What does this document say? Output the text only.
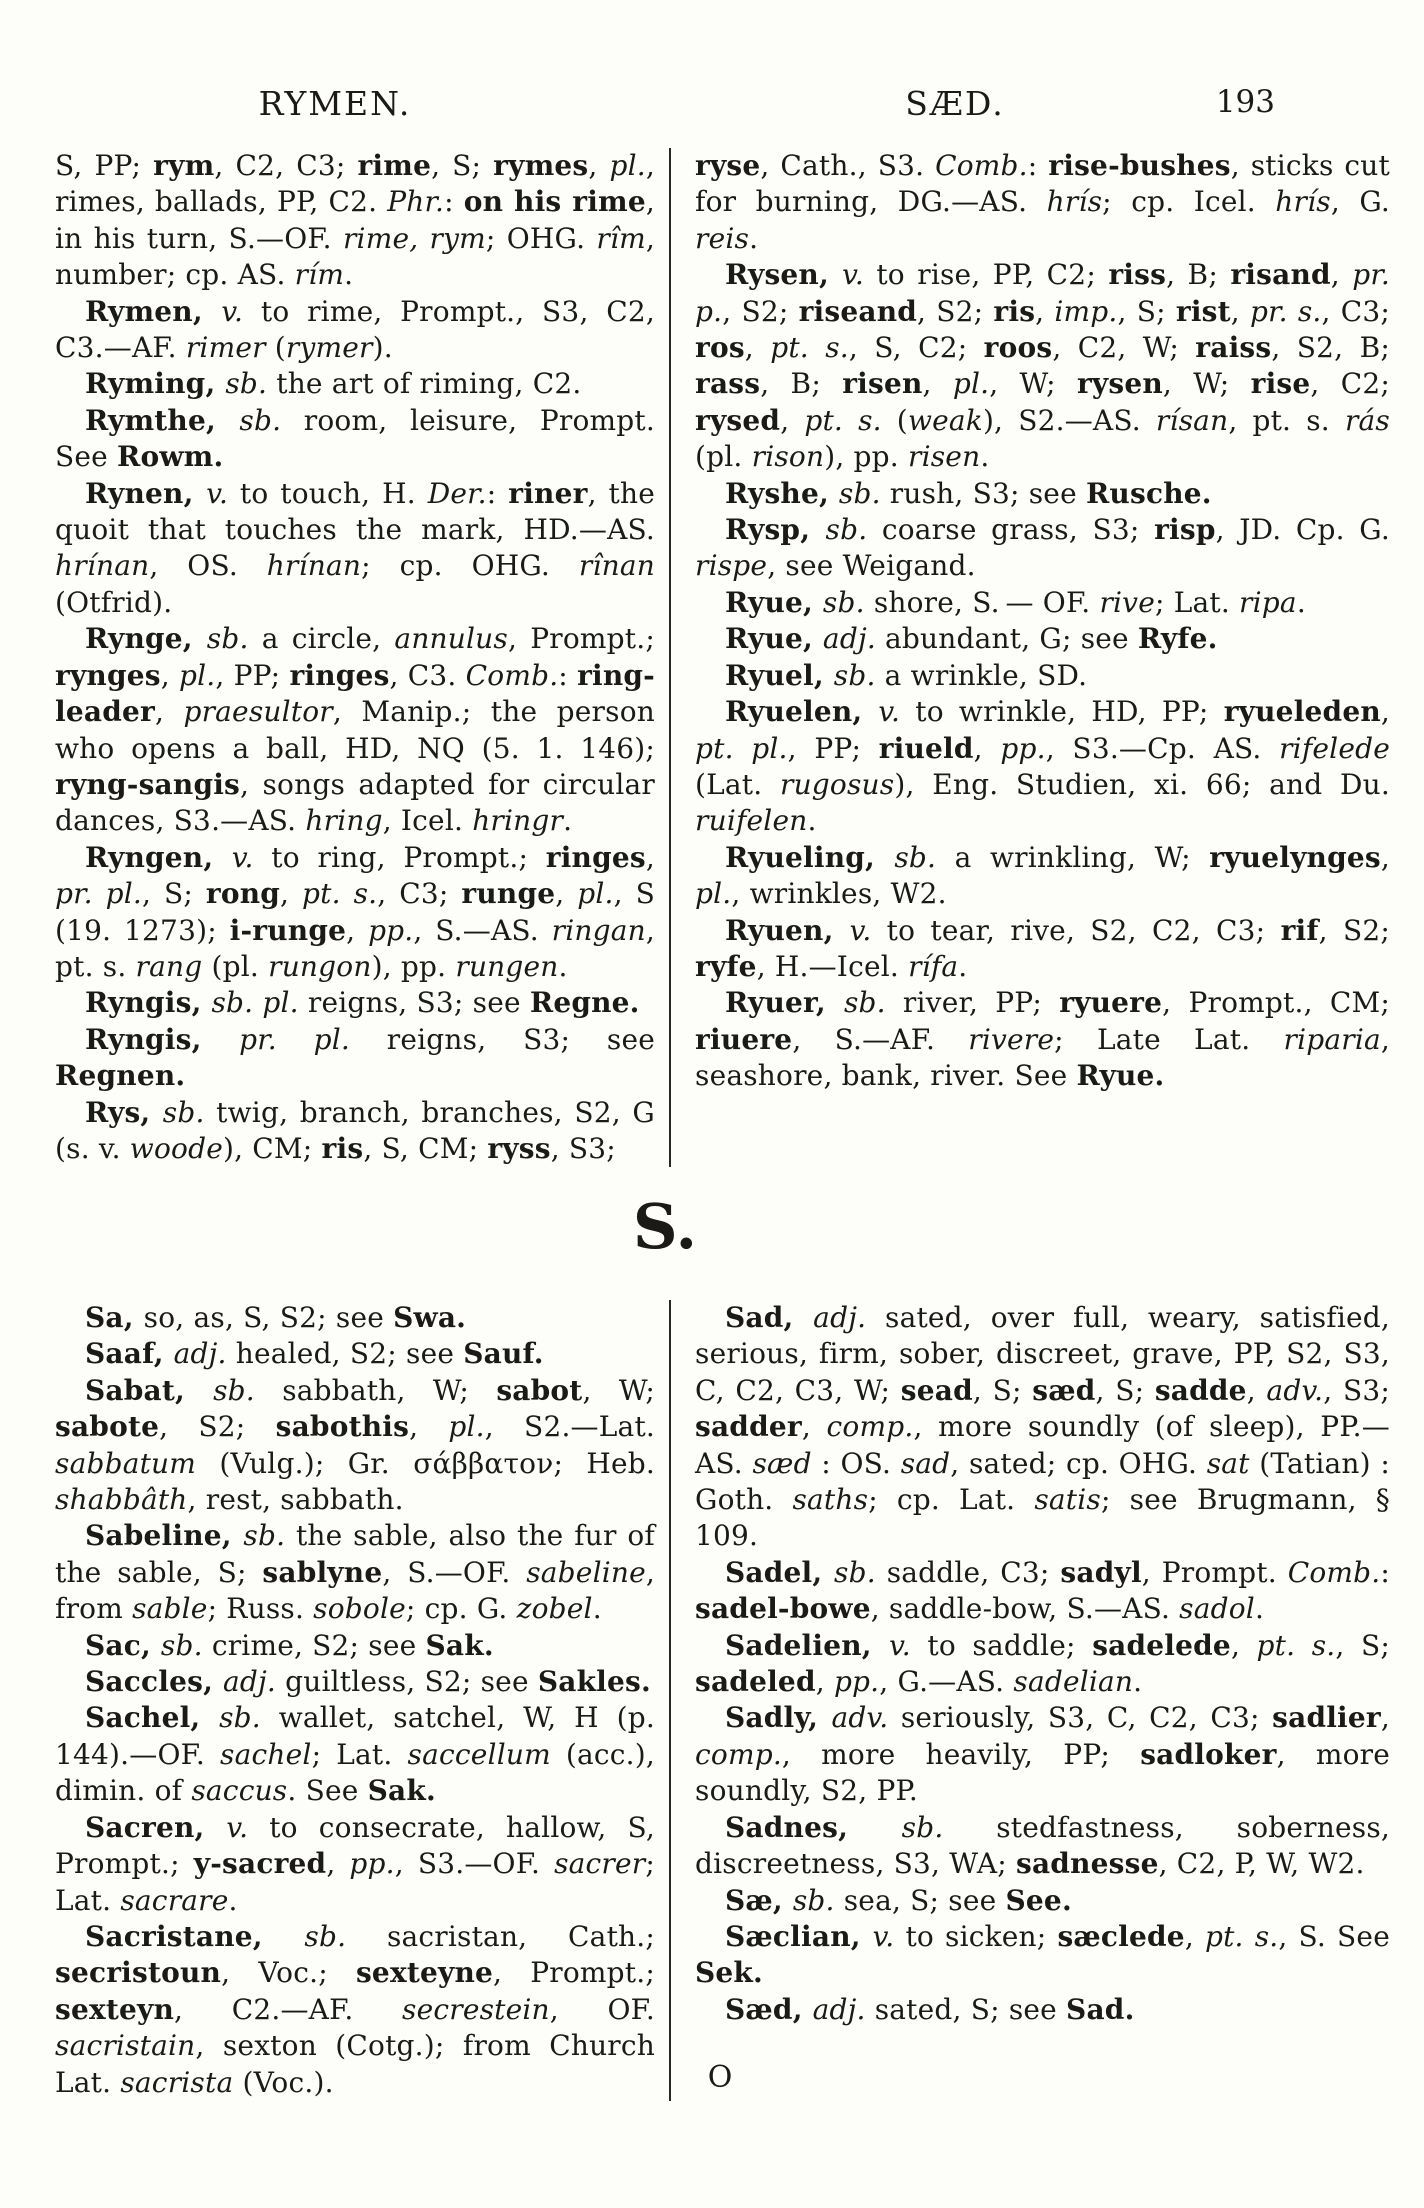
RYMEN.	SÆD.	193

S, PP; rym, C2, C3; rime, S; rymes, pl., rimes, ballads, PP, C2. Phr.: on his rime, in his turn, S.—OF. rime, rym; OHG. rîm, number; cp. AS. rím.

Rymen, v. to rime, Prompt., S3, C2, C3.—AF. rimer (rymer).

Ryming, sb. the art of riming, C2.

Rymthe, sb. room, leisure, Prompt. See Rowm.

Rynen, v. to touch, H. Der.: riner, the quoit that touches the mark, HD.—AS. hrínan, OS. hrínan; cp. OHG. rînan (Otfrid).

Rynge, sb. a circle, annulus, Prompt.; rynges, pl., PP; ringes, C3. Comb.: ring-leader, praesultor, Manip.; the person who opens a ball, HD, NQ (5. 1. 146); ryng-sangis, songs adapted for circular dances, S3.—AS. hring, Icel. hringr.

Ryngen, v. to ring, Prompt.; ringes, pr. pl., S; rong, pt. s., C3; runge, pl., S (19. 1273); i-runge, pp., S.—AS. ringan, pt. s. rang (pl. rungon), pp. rungen.

Ryngis, sb. pl. reigns, S3; see Regne.

Ryngis, pr. pl. reigns, S3; see Regnen.

Rys, sb. twig, branch, branches, S2, G (s. v. woode), CM; ris, S, CM; ryss, S3;

ryse, Cath., S3. Comb.: rise-bushes, sticks cut for burning, DG.—AS. hrís; cp. Icel. hrís, G. reis.

Rysen, v. to rise, PP, C2; riss, B; risand, pr. p., S2; riseand, S2; ris, imp., S; rist, pr. s., C3; ros, pt. s., S, C2; roos, C2, W; raiss, S2, B; rass, B; risen, pl., W; rysen, W; rise, C2; rysed, pt. s. (weak), S2.—AS. rísan, pt. s. rás (pl. rison), pp. risen.

Ryshe, sb. rush, S3; see Rusche.

Rysp, sb. coarse grass, S3; risp, JD. Cp. G. rispe, see Weigand.

Ryue, sb. shore, S. — OF. rive; Lat. ripa.

Ryue, adj. abundant, G; see Ryfe.

Ryuel, sb. a wrinkle, SD.

Ryuelen, v. to wrinkle, HD, PP; ryueleden, pt. pl., PP; riueld, pp., S3.—Cp. AS. rifelede (Lat. rugosus), Eng. Studien, xi. 66; and Du. ruifelen.

Ryueling, sb. a wrinkling, W; ryuelynges, pl., wrinkles, W2.

Ryuen, v. to tear, rive, S2, C2, C3; rif, S2; ryfe, H.—Icel. rífa.

Ryuer, sb. river, PP; ryuere, Prompt., CM; riuere, S.—AF. rivere; Late Lat. riparia, seashore, bank, river. See Ryue.

S.

Sa, so, as, S, S2; see Swa.

Saaf, adj. healed, S2; see Sauf.

Sabat, sb. sabbath, W; sabot, W; sabote, S2; sabothis, pl., S2.—Lat. sabbatum (Vulg.); Gr. σάββατον; Heb. shabbâth, rest, sabbath.

Sabeline, sb. the sable, also the fur of the sable, S; sablyne, S.—OF. sabeline, from sable; Russ. sobole; cp. G. zobel.

Sac, sb. crime, S2; see Sak.

Saccles, adj. guiltless, S2; see Sakles.

Sachel, sb. wallet, satchel, W, H (p. 144).—OF. sachel; Lat. saccellum (acc.), dimin. of saccus. See Sak.

Sacren, v. to consecrate, hallow, S, Prompt.; y-sacred, pp., S3.—OF. sacrer; Lat. sacrare.

Sacristane, sb. sacristan, Cath.; secristoun, Voc.; sexteyne, Prompt.; sexteyn, C2.—AF. secrestein, OF. sacristain, sexton (Cotg.); from Church Lat. sacrista (Voc.).

Sad, adj. sated, over full, weary, satisfied, serious, firm, sober, discreet, grave, PP, S2, S3, C, C2, C3, W; sead, S; sæd, S; sadde, adv., S3; sadder, comp., more soundly (of sleep), PP.—AS. sæd : OS. sad, sated; cp. OHG. sat (Tatian) : Goth. saths; cp. Lat. satis; see Brugmann, § 109.

Sadel, sb. saddle, C3; sadyl, Prompt. Comb.: sadel-bowe, saddle-bow, S.—AS. sadol.

Sadelien, v. to saddle; sadelede, pt. s., S; sadeled, pp., G.—AS. sadelian.

Sadly, adv. seriously, S3, C, C2, C3; sadlier, comp., more heavily, PP; sadloker, more soundly, S2, PP.

Sadnes, sb. stedfastness, soberness, discreetness, S3, WA; sadnesse, C2, P, W, W2.

Sæ, sb. sea, S; see See.

Sæclian, v. to sicken; sæclede, pt. s., S. See Sek.

Sæd, adj. sated, S; see Sad.

O
